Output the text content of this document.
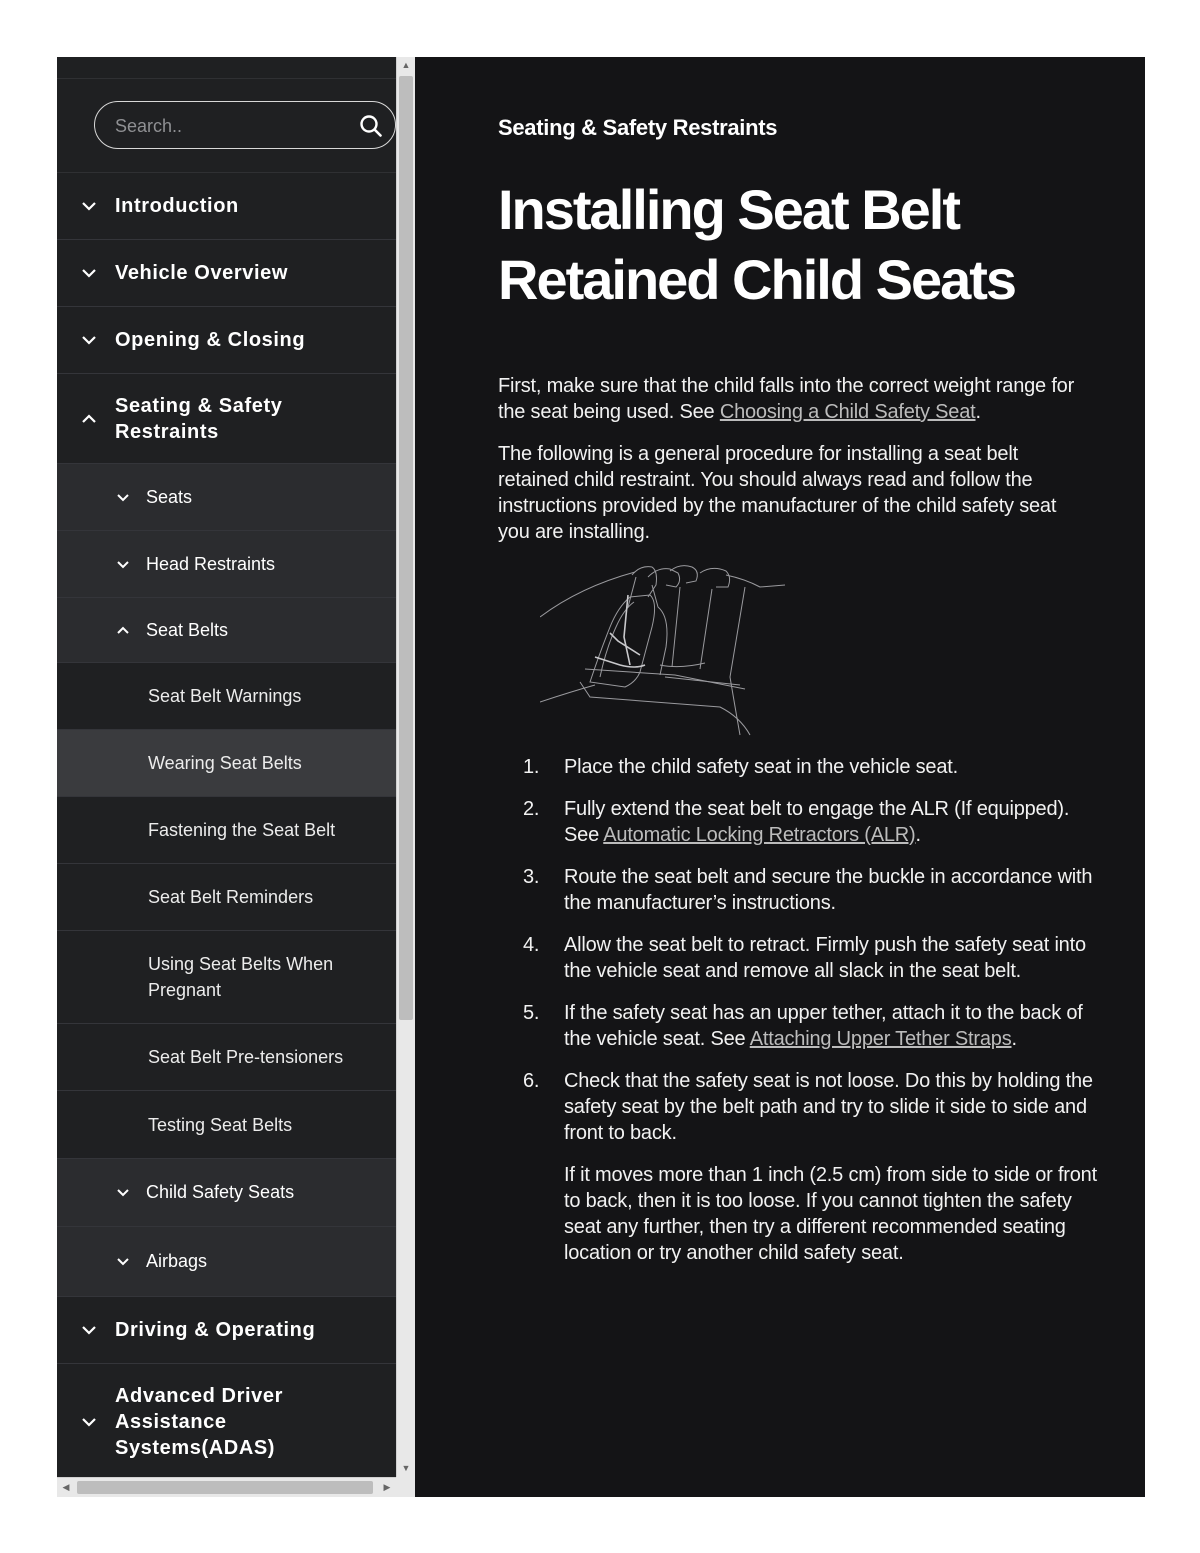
Search..
Introduction
Vehicle Overview
Opening & Closing
Seating & Safety Restraints
Seats
Head Restraints
Seat Belts
Seat Belt Warnings
Wearing Seat Belts
Fastening the Seat Belt
Seat Belt Reminders
Using Seat Belts When Pregnant
Seat Belt Pre-tensioners
Testing Seat Belts
Child Safety Seats
Airbags
Driving & Operating
Advanced Driver Assistance Systems(ADAS)
▲
▼
◀	▶
Seating & Safety Restraints
Installing Seat Belt Retained Child Seats

First, make sure that the child falls into the correct weight range for the seat being used. See Choosing a Child Safety Seat.

The following is a general procedure for installing a seat belt retained child restraint. You should always read and follow the instructions provided by the manufacturer of the child safety seat you are installing.

1. Place the child safety seat in the vehicle seat.

2. Fully extend the seat belt to engage the ALR (If equipped). See Automatic Locking Retractors (ALR).

3. Route the seat belt and secure the buckle in accordance with the manufacturer’s instructions.

4. Allow the seat belt to retract. Firmly push the safety seat into the vehicle seat and remove all slack in the seat belt.

5. If the safety seat has an upper tether, attach it to the back of the vehicle seat. See Attaching Upper Tether Straps.

6. Check that the safety seat is not loose. Do this by holding the safety seat by the belt path and try to slide it side to side and front to back.

If it moves more than 1 inch (2.5 cm) from side to side or front to back, then it is too loose. If you cannot tighten the safety seat any further, then try a different recommended seating location or try another child safety seat.
